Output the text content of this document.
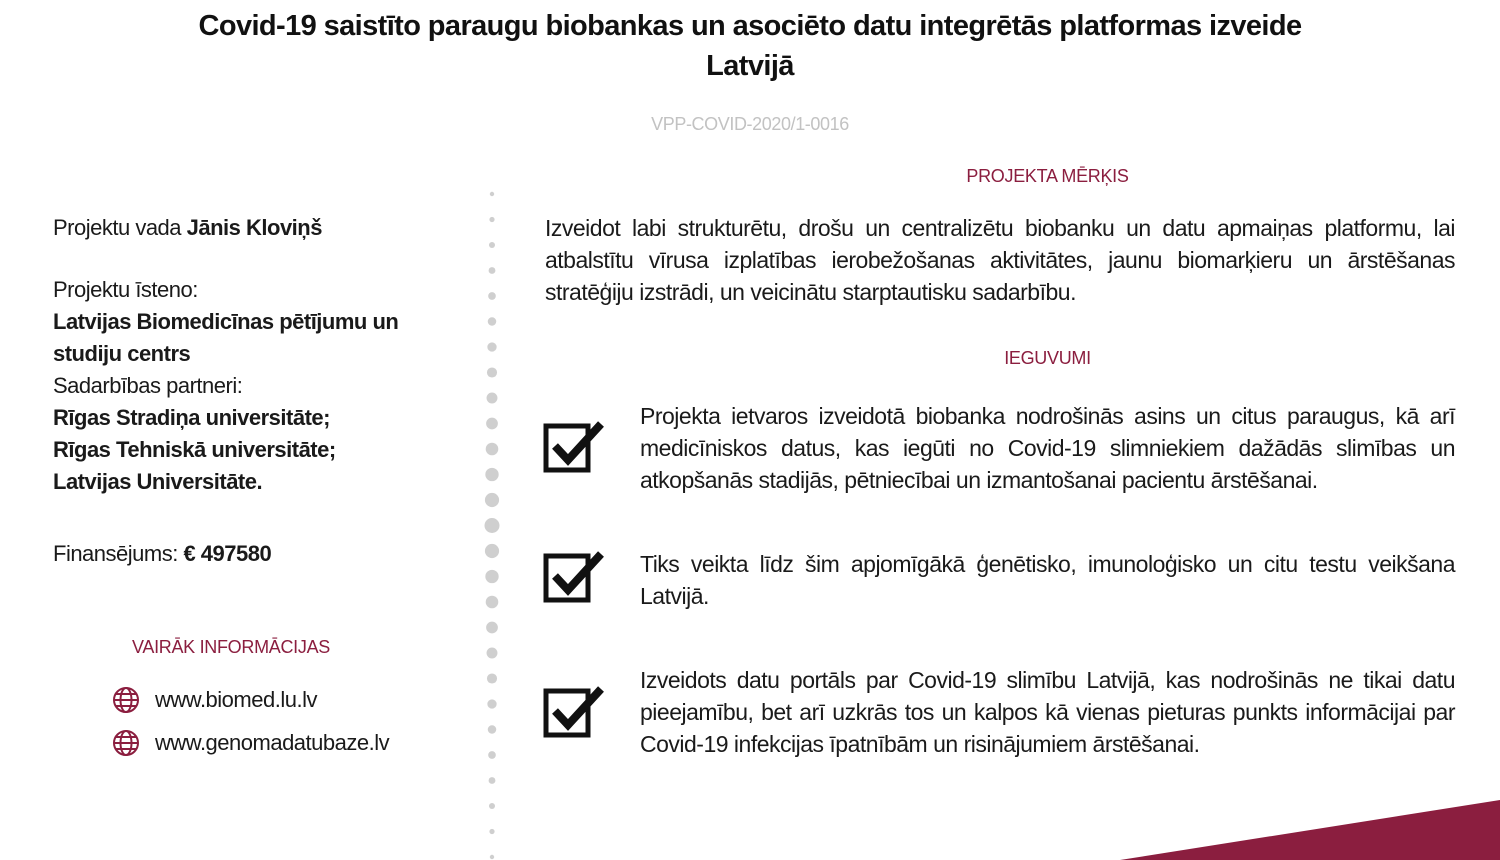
Covid-19 saistīto paraugu biobankas un asociēto datu integrētās platformas izveide
Latvijā
VPP-COVID-2020/1-0016

Projektu vada Jānis Kloviņš

Projektu īsteno:

Latvijas Biomedicīnas pētījumu un

studiju centrs

Sadarbības partneri:

Rīgas Stradiņa universitāte;

Rīgas Tehniskā universitāte;

Latvijas Universitāte.

Finansējums: € 497580

VAIRĀK INFORMĀCIJAS
www.biomed.lu.lv
www.genomadatubaze.lv
PROJEKTA MĒRĶIS
Izveidot labi strukturētu, drošu un centralizētu biobanku un datu apmaiņas platformu, lai atbalstītu vīrusa izplatības ierobežošanas aktivitātes, jaunu biomarķieru un ārstēšanas stratēģiju izstrādi, un veicinātu starptautisku sadarbību.
IEGUVUMI
Projekta ietvaros izveidotā biobanka nodrošinās asins un citus paraugus, kā arī medicīniskos datus, kas iegūti no Covid-19 slimniekiem dažādās slimības un atkopšanās stadijās, pētniecībai un izmantošanai pacientu ārstēšanai.
Tiks veikta līdz šim apjomīgākā ģenētisko, imunoloģisko un citu testu veikšana Latvijā.
Izveidots datu portāls par Covid-19 slimību Latvijā, kas nodrošinās ne tikai datu pieejamību, bet arī uzkrās tos un kalpos kā vienas pieturas punkts informācijai par Covid-19 infekcijas īpatnībām un risinājumiem ārstēšanai.
